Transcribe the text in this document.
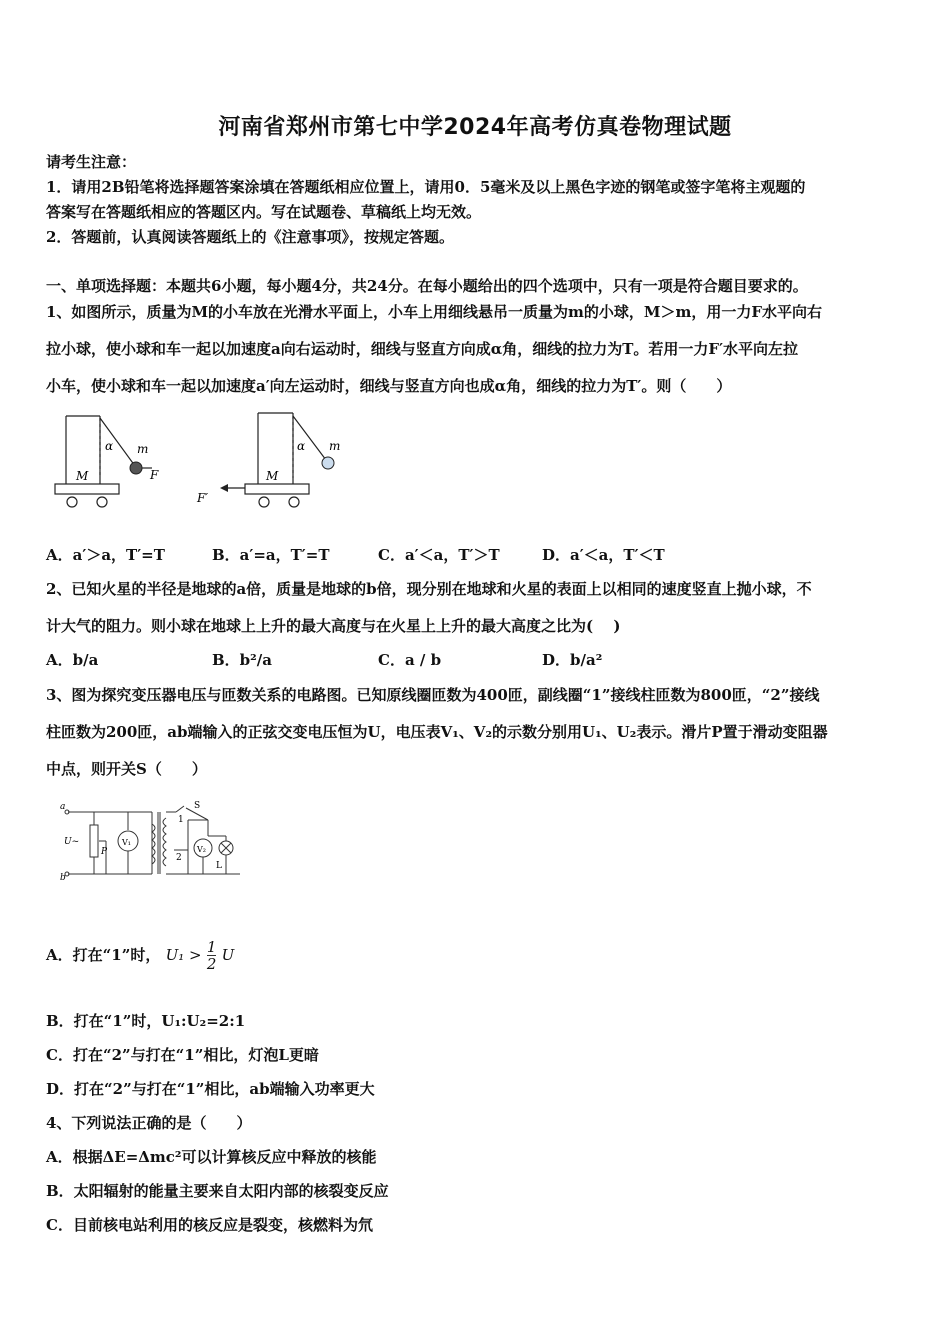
河南省郑州市第七中学2024年高考仿真卷物理试题
请考生注意：
1．请用2B铅笔将选择题答案涂填在答题纸相应位置上，请用0．5毫米及以上黑色字迹的钢笔或签字笔将主观题的
答案写在答题纸相应的答题区内。写在试题卷、草稿纸上均无效。
2．答题前，认真阅读答题纸上的《注意事项》，按规定答题。
一、单项选择题：本题共6小题，每小题4分，共24分。在每小题给出的四个选项中，只有一项是符合题目要求的。
1、如图所示，质量为M的小车放在光滑水平面上，小车上用细线悬吊一质量为m的小球，M＞m，用一力F水平向右
拉小球，使小球和车一起以加速度a向右运动时，细线与竖直方向成α角，细线的拉力为T。若用一力F′水平向左拉
小车，使小球和车一起以加速度a′向左运动时，细线与竖直方向也成α角，细线的拉力为T′。则（　　）
α m
M	F
α m
M
F′
A．a′＞a，T′=T	B．a′=a，T′=T	C．a′＜a，T′＞T	D．a′＜a，T′＜T
2、已知火星的半径是地球的a倍，质量是地球的b倍，现分别在地球和火星的表面上以相同的速度竖直上抛小球，不
计大气的阻力。则小球在地球上上升的最大高度与在火星上上升的最大高度之比为(　 )
A．b/a	B．b²/a	C．a / b	D．b/a²
3、图为探究变压器电压与匝数关系的电路图。已知原线圈匝数为400匝，副线圈“1”接线柱匝数为800匝，“2”接线
柱匝数为200匝，ab端输入的正弦交变电压恒为U，电压表V₁、V₂的示数分别用U₁、U₂表示。滑片P置于滑动变阻器
中点，则开关S（　　）
a
b
U~
P
V₁
V₂
S
1
2
L
A．打在“1”时， $U_1 > \frac{1}{2}$ U
B．打在“1”时，U₁:U₂=2:1
C．打在“2”与打在“1”相比，灯泡L更暗
D．打在“2”与打在“1”相比，ab端输入功率更大
4、下列说法正确的是（　　）
A．根据ΔE=Δmc²可以计算核反应中释放的核能
B．太阳辐射的能量主要来自太阳内部的核裂变反应
C．目前核电站利用的核反应是裂变，核燃料为氘
